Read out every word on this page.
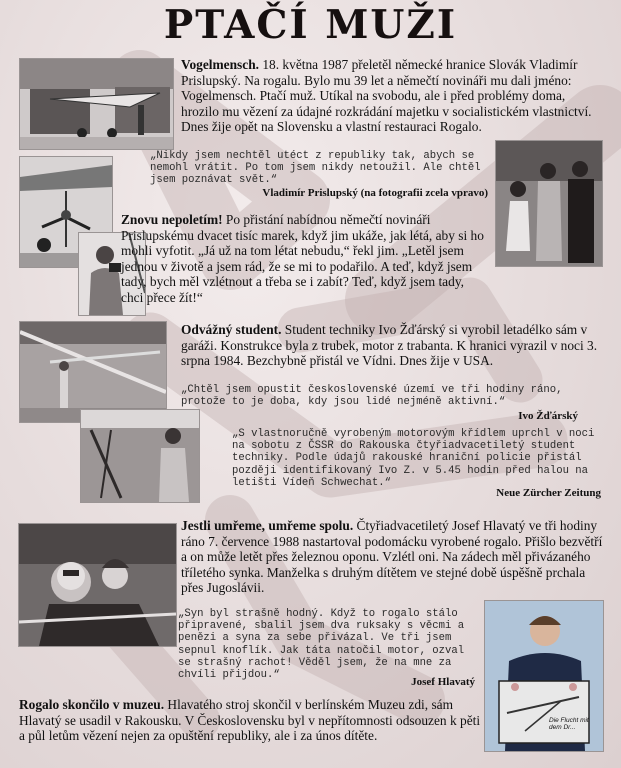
PTAČÍ MUŽI
Die Flucht mit dem Dr...
Vogelmensch. 18. května 1987 přeletěl německé hranice Slovák Vladimír Prislupský. Na rogalu. Bylo mu 39 let a němečtí novináři mu dali jméno: Vogelmensch. Ptačí muž. Utíkal na svobodu, ale i před problémy doma, hrozilo mu vězení za údajné rozkrádání majetku v socialistickém vlastnictví. Dnes žije opět na Slovensku a vlastní restauraci Rogalo.
„Nikdy jsem nechtěl utéct z republiky tak, abych se nemohl vrátit. Po tom jsem nikdy netoužil. Ale chtěl jsem poznávat svět.“
Vladimír Prislupský (na fotografii zcela vpravo)
Znovu nepoletím! Po přistání nabídnou němečtí novináři Prislupskému dvacet tisíc marek, když jim ukáže, jak létá, aby si ho mohli vyfotit. „Já už na tom létat nebudu,“ řekl jim. „Letěl jsem jednou v životě a jsem rád, že se mi to podařilo. A teď, když jsem tady, bych měl vzlétnout a třeba se i zabít? Teď, když jsem tady, chci přece žít!“
Odvážný student. Student techniky Ivo Žďárský si vyrobil letadélko sám v garáži. Konstrukce byla z trubek, motor z trabanta. K hranici vyrazil v noci 3. srpna 1984. Bezchybně přistál ve Vídni. Dnes žije v USA.
„Chtěl jsem opustit československé území ve tři hodiny ráno, protože to je doba, kdy jsou lidé nejméně aktivní.“
Ivo Žďárský
„S vlastnoručně vyrobeným motorovým křídlem uprchl v noci na sobotu z ČSSR do Rakouska čtyřiadvacetiletý student techniky. Podle údajů rakouské hraniční policie přistál později identifikovaný Ivo Z. v 5.45 hodin před halou na letišti Vídeň Schwechat.“
Neue Zürcher Zeitung
Jestli umřeme, umřeme spolu. Čtyřiadvacetiletý Josef Hlavatý ve tři hodiny ráno 7. července 1988 nastartoval podomácku vyrobené rogalo. Přišlo bezvětří a on může letět přes železnou oponu. Vzlétl oni. Na zádech měl přivázaného tříletého synka. Manželka s druhým dítětem ve stejné době úspěšně prchala přes Jugoslávii.
„Syn byl strašně hodný. Když to rogalo stálo připravené, sbalil jsem dva ruksaky s věcmi a penězi a syna za sebe přivázal. Ve tři jsem sepnul knoflík. Jak táta natočil motor, ozval se strašný rachot! Věděl jsem, že na mne za chvíli přijdou.“
Josef Hlavatý
Rogalo skončilo v muzeu. Hlavatého stroj skončil v berlínském Muzeu zdi, sám Hlavatý se usadil v Rakousku. V Československu byl v nepřítomnosti odsouzen k pěti a půl letům vězení nejen za opuštění republiky, ale i za únos dítěte.
